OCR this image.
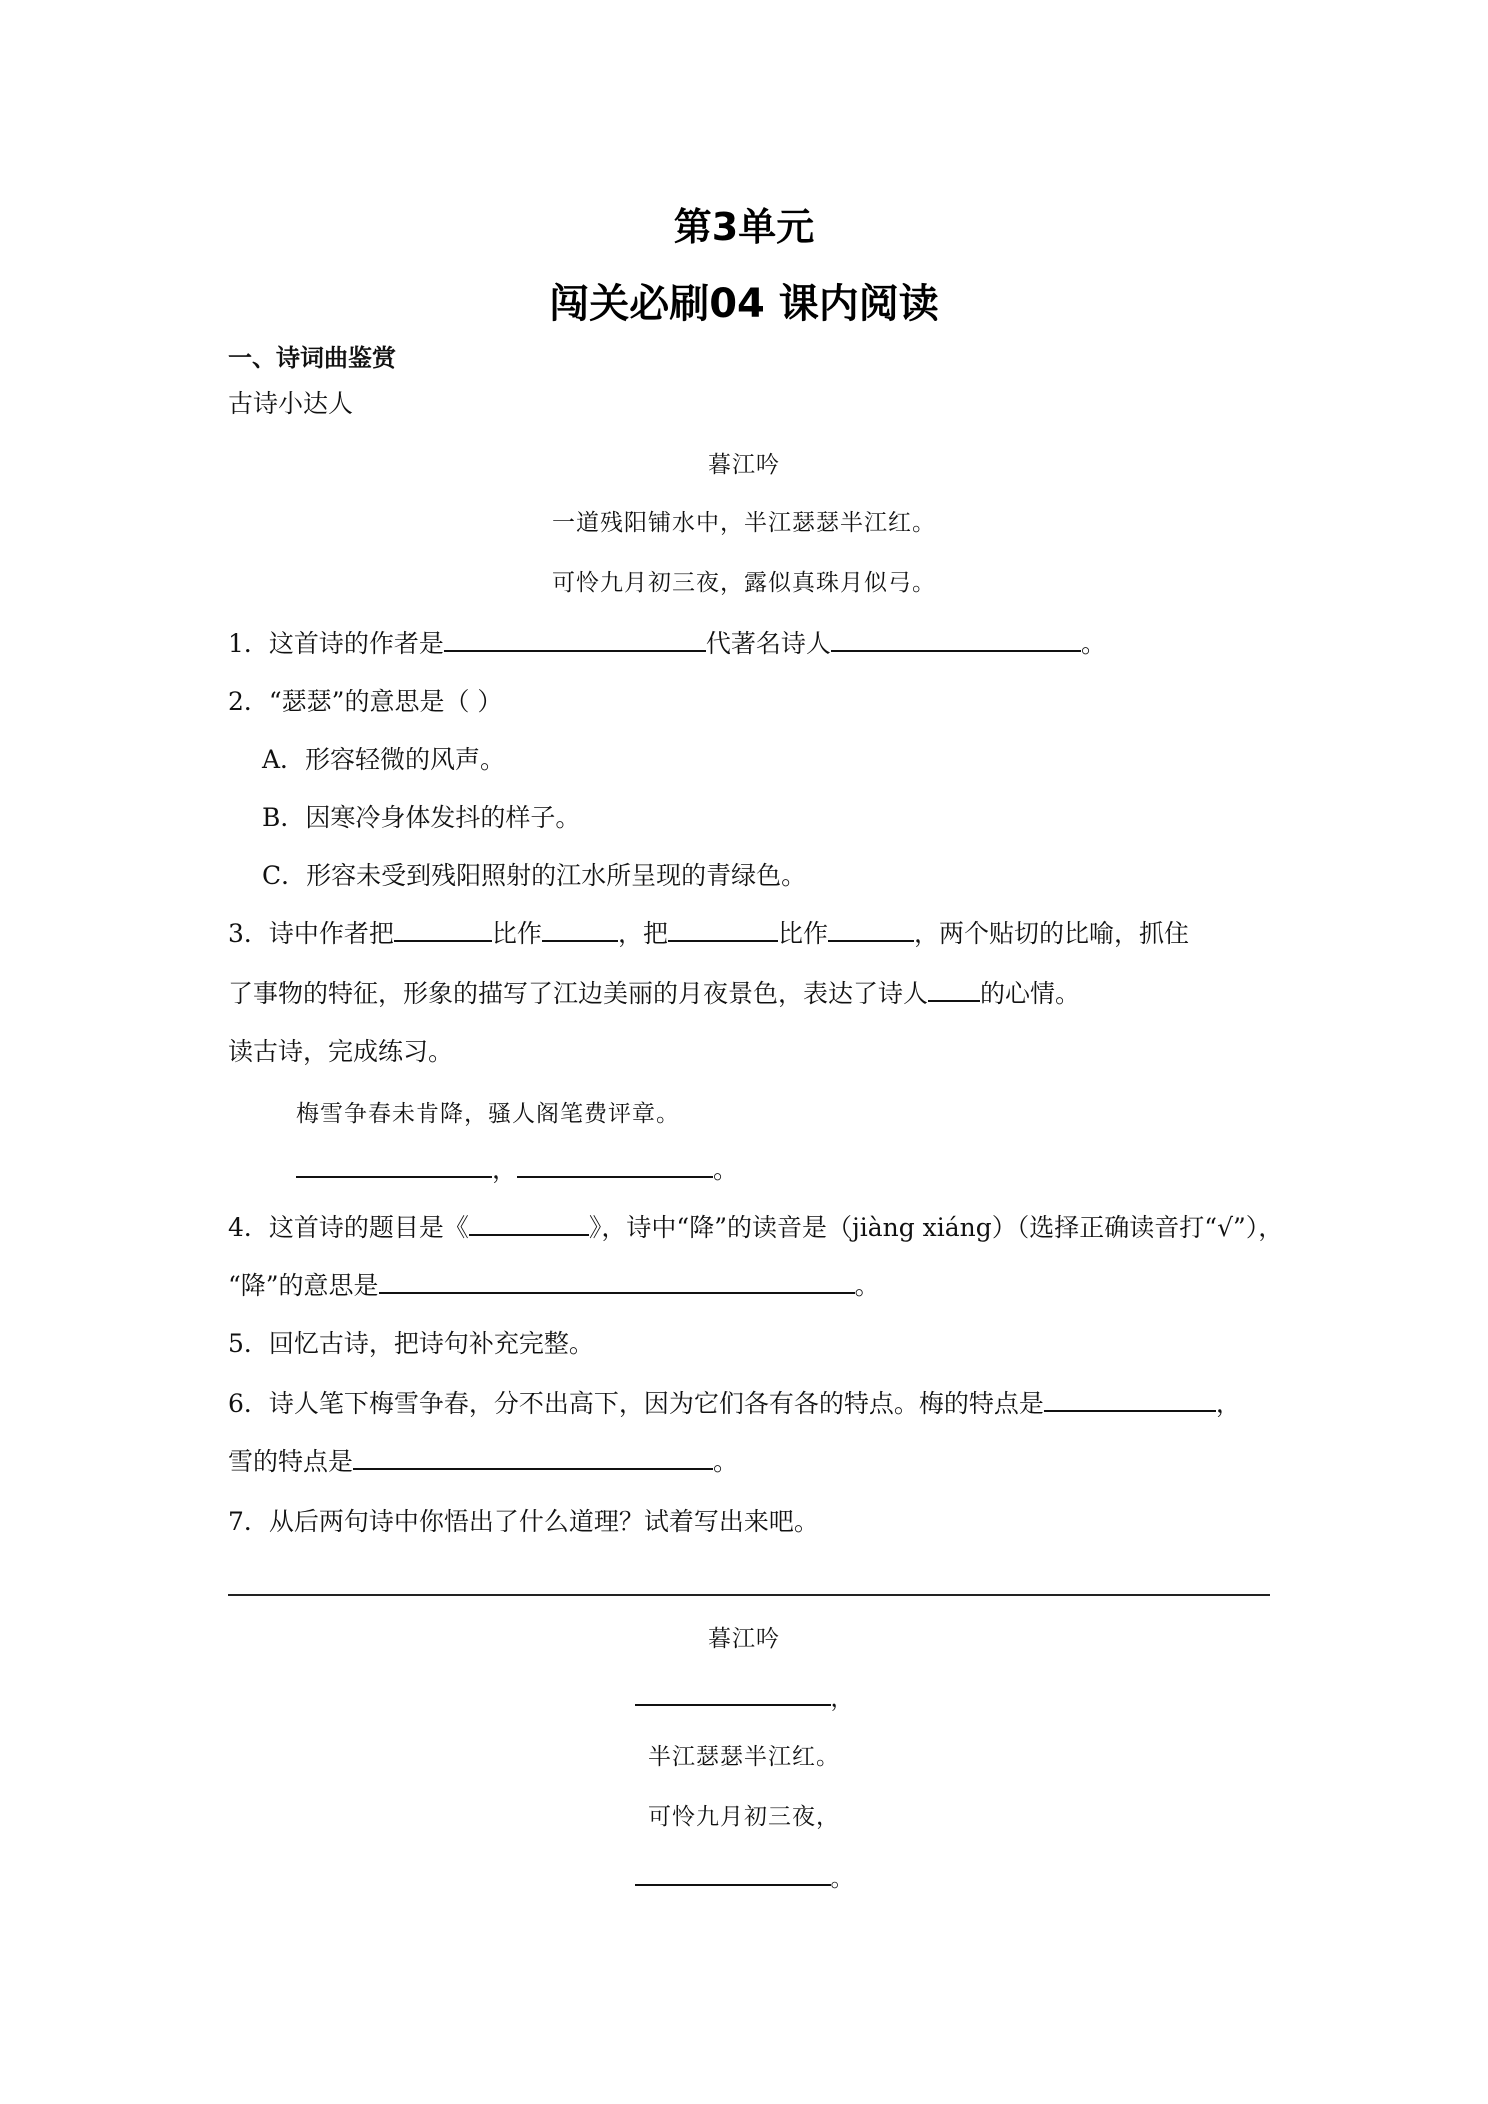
第3单元
闯关必刷04 课内阅读
一、诗词曲鉴赏
古诗小达人
暮江吟
一道残阳铺水中，半江瑟瑟半江红。
可怜九月初三夜，露似真珠月似弓。
1．这首诗的作者是	代著名诗人	。
2．“瑟瑟”的意思是（ ）
A．形容轻微的风声。
B．因寒冷身体发抖的样子。
C．形容未受到残阳照射的江水所呈现的青绿色。
3．诗中作者把	比作	，把	比作	，两个贴切的比喻，抓住
了事物的特征，形象的描写了江边美丽的月夜景色，表达了诗人 的心情。
读古诗，完成练习。
梅雪争春未肯降，骚人阁笔费评章。
，	。
4．这首诗的题目是《	》，诗中“降”的读音是（jiàng xiáng）（选择正确读音打“√”），
“降”的意思是	。
5．回忆古诗，把诗句补充完整。
6．诗人笔下梅雪争春，分不出高下，因为它们各有各的特点。梅的特点是	，
雪的特点是	。
7．从后两句诗中你悟出了什么道理？试着写出来吧。
暮江吟
，
半江瑟瑟半江红。
可怜九月初三夜，
。
